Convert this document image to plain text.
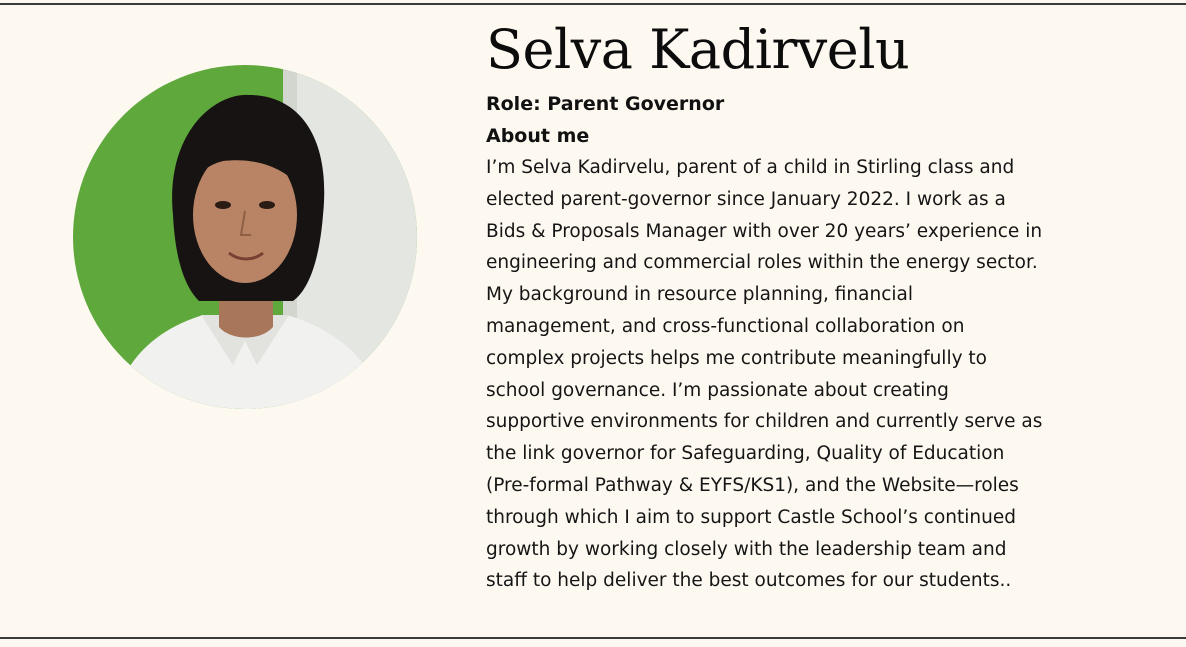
Selva Kadirvelu
Role: Parent Governor
About me
I’m Selva Kadirvelu, parent of a child in Stirling class and
elected parent-governor since January 2022. I work as a
Bids & Proposals Manager with over 20 years’ experience in
engineering and commercial roles within the energy sector.
My background in resource planning, financial
management, and cross-functional collaboration on
complex projects helps me contribute meaningfully to
school governance. I’m passionate about creating
supportive environments for children and currently serve as
the link governor for Safeguarding, Quality of Education
(Pre-formal Pathway & EYFS/KS1), and the Website—roles
through which I aim to support Castle School’s continued
growth by working closely with the leadership team and
staff to help deliver the best outcomes for our students..
